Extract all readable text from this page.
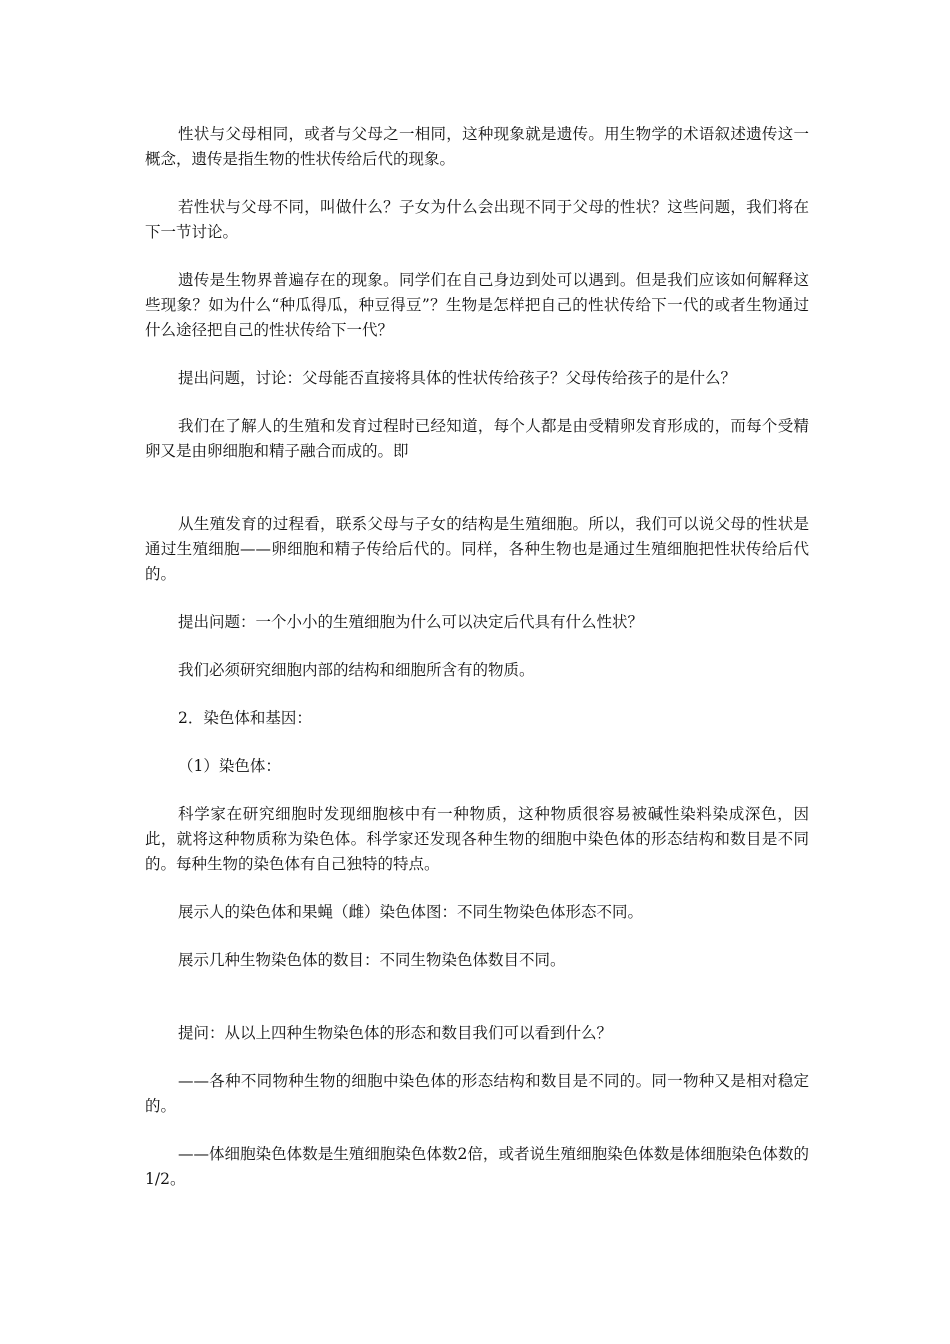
性状与父母相同，或者与父母之一相同，这种现象就是遗传。用生物学的术语叙述遗传这一概念，遗传是指生物的性状传给后代的现象。

若性状与父母不同，叫做什么？子女为什么会出现不同于父母的性状？这些问题，我们将在下一节讨论。

遗传是生物界普遍存在的现象。同学们在自己身边到处可以遇到。但是我们应该如何解释这些现象？如为什么“种瓜得瓜，种豆得豆”？生物是怎样把自己的性状传给下一代的或者生物通过什么途径把自己的性状传给下一代？

提出问题，讨论：父母能否直接将具体的性状传给孩子？父母传给孩子的是什么？

我们在了解人的生殖和发育过程时已经知道，每个人都是由受精卵发育形成的，而每个受精卵又是由卵细胞和精子融合而成的。即

从生殖发育的过程看，联系父母与子女的结构是生殖细胞。所以，我们可以说父母的性状是通过生殖细胞——卵细胞和精子传给后代的。同样，各种生物也是通过生殖细胞把性状传给后代的。

提出问题：一个小小的生殖细胞为什么可以决定后代具有什么性状？

我们必须研究细胞内部的结构和细胞所含有的物质。

2．染色体和基因：

（1）染色体：

科学家在研究细胞时发现细胞核中有一种物质，这种物质很容易被碱性染料染成深色，因此，就将这种物质称为染色体。科学家还发现各种生物的细胞中染色体的形态结构和数目是不同的。每种生物的染色体有自己独特的特点。

展示人的染色体和果蝇（雌）染色体图：不同生物染色体形态不同。

展示几种生物染色体的数目：不同生物染色体数目不同。

提问：从以上四种生物染色体的形态和数目我们可以看到什么？

——各种不同物种生物的细胞中染色体的形态结构和数目是不同的。同一物种又是相对稳定的。

——体细胞染色体数是生殖细胞染色体数2倍，或者说生殖细胞染色体数是体细胞染色体数的1/2。
